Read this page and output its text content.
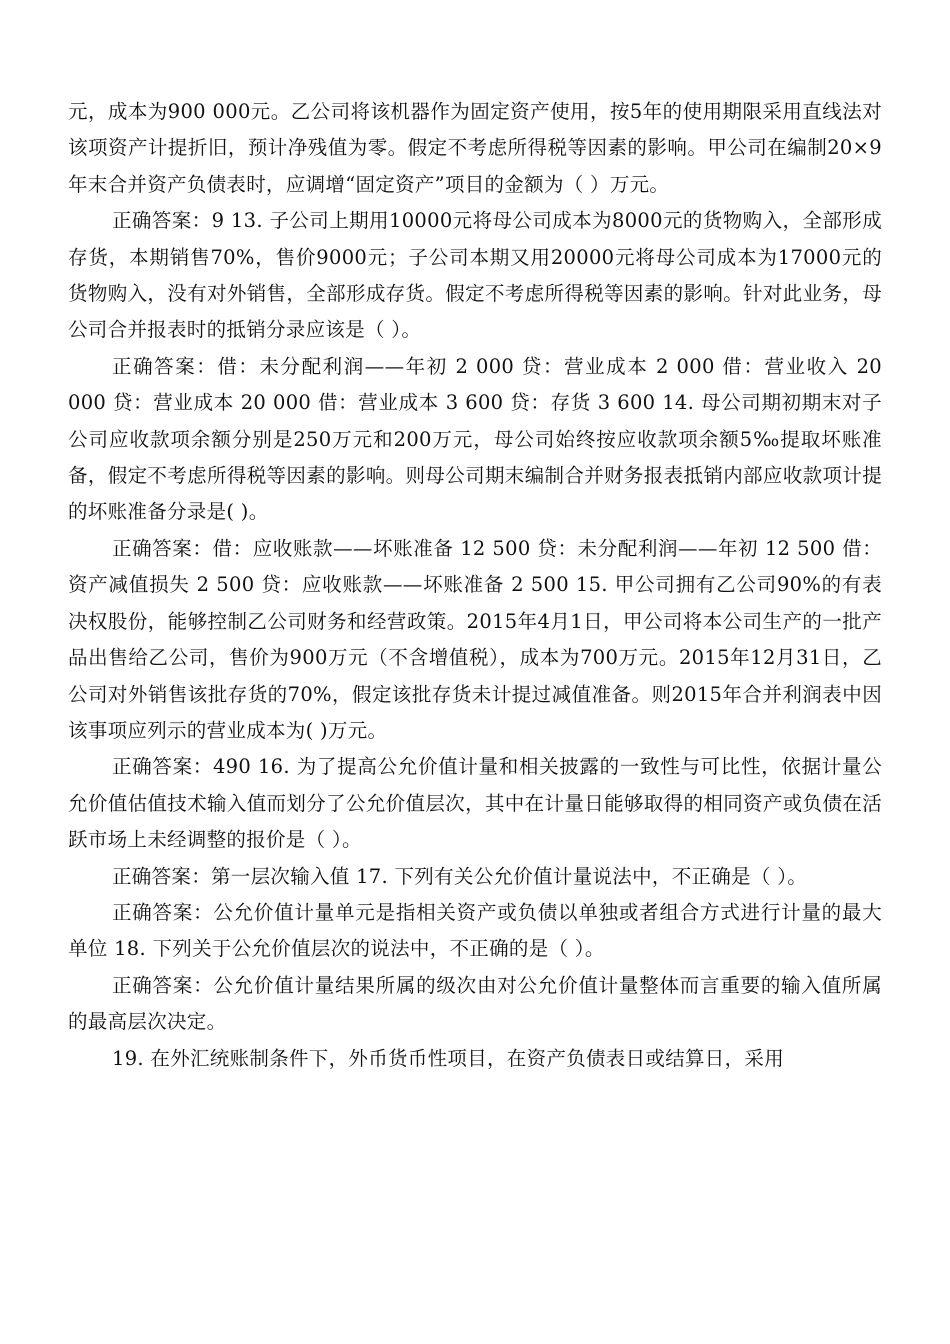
元，成本为900 000元。乙公司将该机器作为固定资产使用，按5年的使用期限采用直线法对该项资产计提折旧，预计净残值为零。假定不考虑所得税等因素的影响。甲公司在编制20×9年末合并资产负债表时，应调增“固定资产”项目的金额为（ ）万元。

正确答案：9 13. 子公司上期用10000元将母公司成本为8000元的货物购入，全部形成存货，本期销售70%，售价9000元；子公司本期又用20000元将母公司成本为17000元的货物购入，没有对外销售，全部形成存货。假定不考虑所得税等因素的影响。针对此业务，母公司合并报表时的抵销分录应该是（ ）。

正确答案：借：未分配利润——年初 2 000 贷：营业成本 2 000 借：营业收入 20 000 贷：营业成本 20 000 借：营业成本 3 600 贷：存货 3 600 14. 母公司期初期末对子公司应收款项余额分别是250万元和200万元，母公司始终按应收款项余额5‰提取坏账准备，假定不考虑所得税等因素的影响。则母公司期末编制合并财务报表抵销内部应收款项计提的坏账准备分录是( )。

正确答案：借：应收账款——坏账准备 12 500 贷：未分配利润——年初 12 500 借：资产减值损失 2 500 贷：应收账款——坏账准备 2 500 15. 甲公司拥有乙公司90%的有表决权股份，能够控制乙公司财务和经营政策。2015年4月1日，甲公司将本公司生产的一批产品出售给乙公司，售价为900万元（不含增值税），成本为700万元。2015年12月31日，乙公司对外销售该批存货的70%，假定该批存货未计提过减值准备。则2015年合并利润表中因该事项应列示的营业成本为( )万元。

正确答案：490 16. 为了提高公允价值计量和相关披露的一致性与可比性，依据计量公允价值估值技术输入值而划分了公允价值层次，其中在计量日能够取得的相同资产或负债在活跃市场上未经调整的报价是（ ）。

正确答案：第一层次输入值 17. 下列有关公允价值计量说法中，不正确是（ ）。

正确答案：公允价值计量单元是指相关资产或负债以单独或者组合方式进行计量的最大单位 18. 下列关于公允价值层次的说法中，不正确的是（ ）。

正确答案：公允价值计量结果所属的级次由对公允价值计量整体而言重要的输入值所属的最高层次决定。

19. 在外汇统账制条件下，外币货币性项目，在资产负债表日或结算日，采用
